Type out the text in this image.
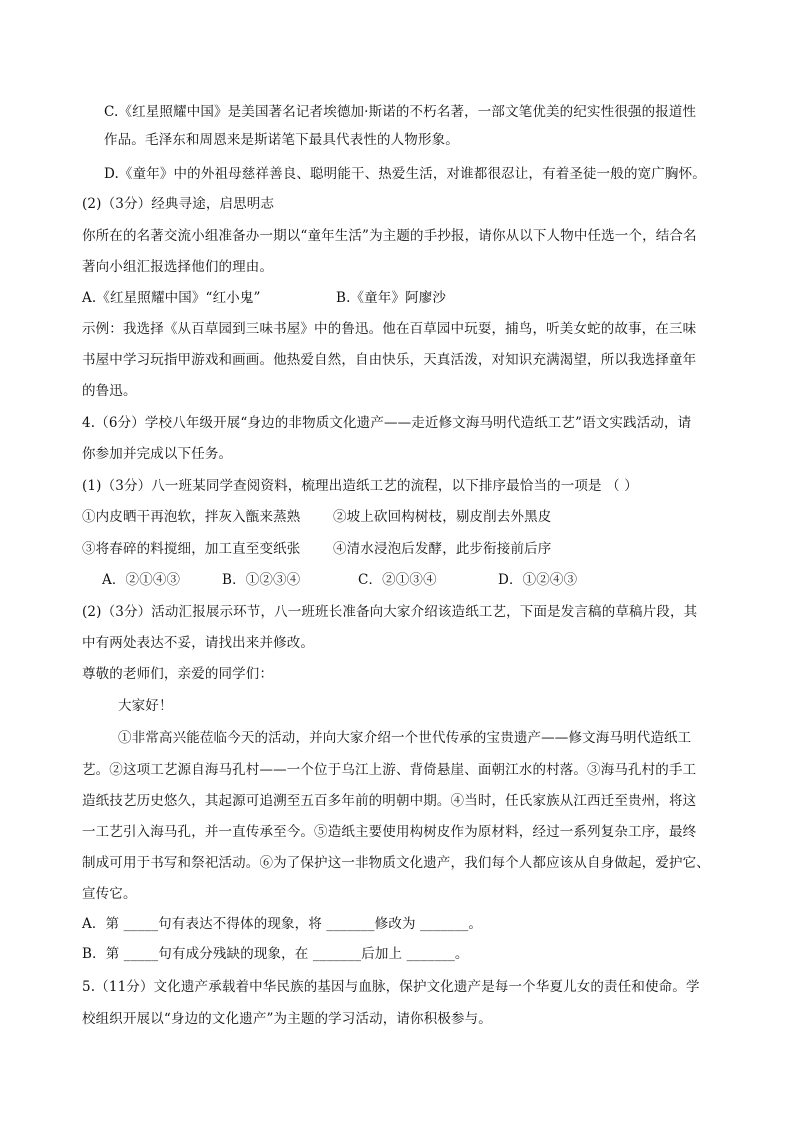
C.《红星照耀中国》是美国著名记者埃德加·斯诺的不朽名著，一部文笔优美的纪实性很强的报道性

作品。毛泽东和周恩来是斯诺笔下最具代表性的人物形象。

D.《童年》中的外祖母慈祥善良、聪明能干、热爱生活，对谁都很忍让，有着圣徒一般的宽广胸怀。

(2)（3分）经典寻途，启思明志

你所在的名著交流小组准备办一期以“童年生活”为主题的手抄报，请你从以下人物中任选一个，结合名

著向小组汇报选择他们的理由。

A.《红星照耀中国》“红小鬼”	B.《童年》阿廖沙

示例：我选择《从百草园到三味书屋》中的鲁迅。他在百草园中玩耍，捕鸟，听美女蛇的故事，在三味

书屋中学习玩指甲游戏和画画。他热爱自然，自由快乐，天真活泼，对知识充满渴望，所以我选择童年

的鲁迅。

4.（6分）学校八年级开展“身边的非物质文化遗产——走近修文海马明代造纸工艺”语文实践活动，请

你参加并完成以下任务。

(1)（3分）八一班某同学查阅资料，梳理出造纸工艺的流程，以下排序最恰当的一项是 （ ）

①内皮晒干再泡软，拌灰入甑来蒸熟 ②坡上砍回构树枝，剔皮削去外黑皮

③将春碎的料搅细，加工直至变纸张 ④清水浸泡后发酵，此步衔接前后序

A．②①④③	B．①②③④	C．②①③④	D．①②④③

(2)（3分）活动汇报展示环节，八一班班长准备向大家介绍该造纸工艺，下面是发言稿的草稿片段，其

中有两处表达不妥，请找出来并修改。

尊敬的老师们，亲爱的同学们：

大家好！

①非常高兴能莅临今天的活动，并向大家介绍一个世代传承的宝贵遗产——修文海马明代造纸工

艺。②这项工艺源自海马孔村——一个位于乌江上游、背倚悬崖、面朝江水的村落。③海马孔村的手工

造纸技艺历史悠久，其起源可追溯至五百多年前的明朝中期。④当时，任氏家族从江西迁至贵州，将这

一工艺引入海马孔，并一直传承至今。⑤造纸主要使用构树皮作为原材料，经过一系列复杂工序，最终

制成可用于书写和祭祀活动。⑥为了保护这一非物质文化遗产，我们每个人都应该从自身做起，爱护它、

宣传它。

A．第 _____句有表达不得体的现象，将 _______修改为 _______。

B．第 _____句有成分残缺的现象，在 _______后加上 _______。

5.（11分）文化遗产承载着中华民族的基因与血脉，保护文化遗产是每一个华夏儿女的责任和使命。学

校组织开展以“身边的文化遗产”为主题的学习活动，请你积极参与。
